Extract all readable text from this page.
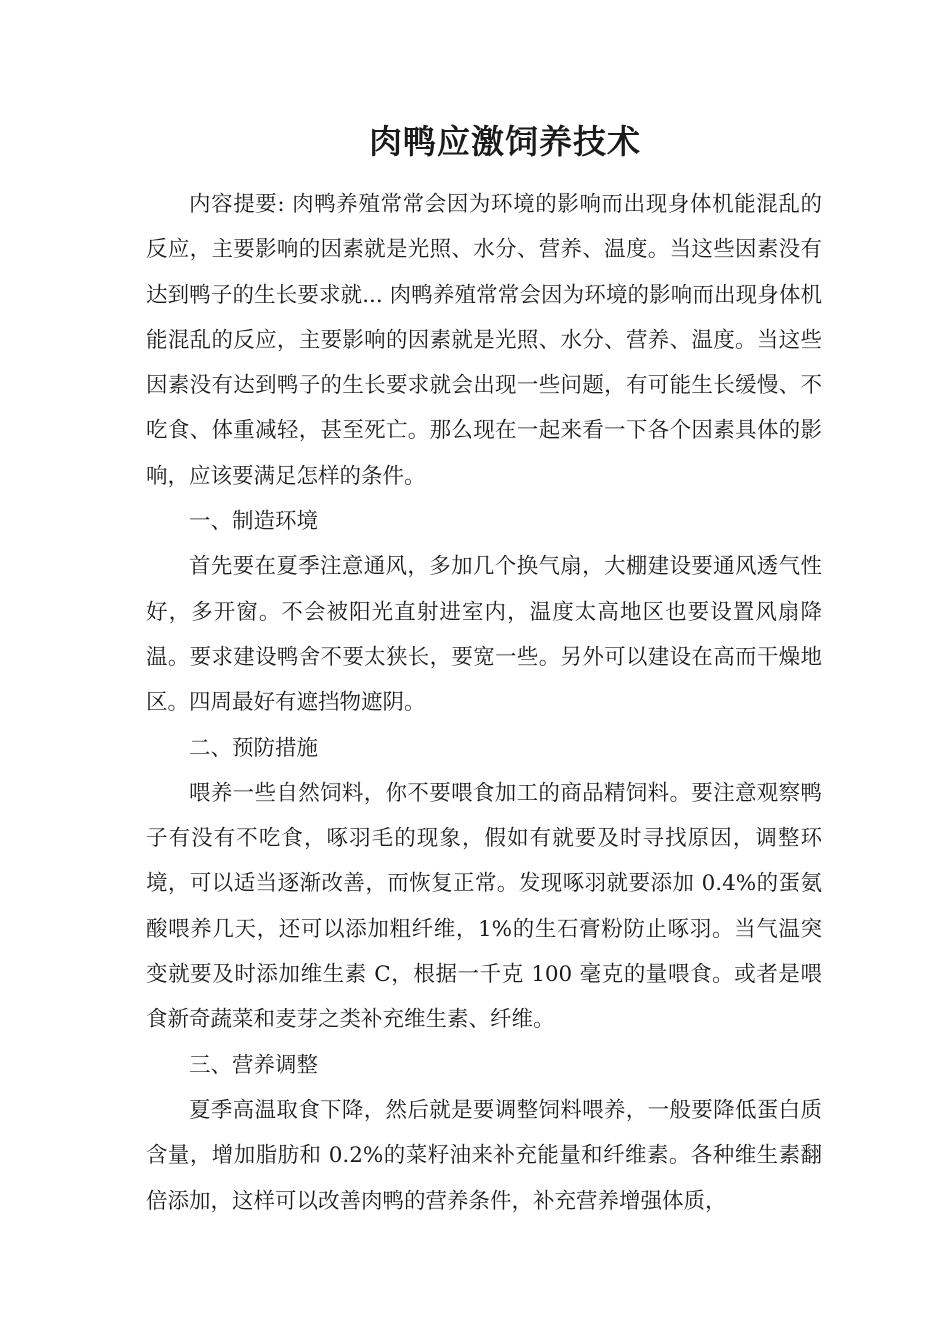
肉鸭应激饲养技术

内容提要: 肉鸭养殖常常会因为环境的影响而出现身体机能混乱的反应，主要影响的因素就是光照、水分、营养、温度。当这些因素没有达到鸭子的生长要求就... 肉鸭养殖常常会因为环境的影响而出现身体机能混乱的反应，主要影响的因素就是光照、水分、营养、温度。当这些因素没有达到鸭子的生长要求就会出现一些问题，有可能生长缓慢、不吃食、体重减轻，甚至死亡。那么现在一起来看一下各个因素具体的影响，应该要满足怎样的条件。

一、制造环境

首先要在夏季注意通风，多加几个换气扇，大棚建设要通风透气性好，多开窗。不会被阳光直射进室内，温度太高地区也要设置风扇降温。要求建设鸭舍不要太狭长，要宽一些。另外可以建设在高而干燥地区。四周最好有遮挡物遮阴。

二、预防措施

喂养一些自然饲料，你不要喂食加工的商品精饲料。要注意观察鸭子有没有不吃食，啄羽毛的现象，假如有就要及时寻找原因，调整环境，可以适当逐渐改善，而恢复正常。发现啄羽就要添加 0.4%的蛋氨酸喂养几天，还可以添加粗纤维，1%的生石膏粉防止啄羽。当气温突变就要及时添加维生素 C，根据一千克 100 毫克的量喂食。或者是喂食新奇蔬菜和麦芽之类补充维生素、纤维。

三、营养调整

夏季高温取食下降，然后就是要调整饲料喂养，一般要降低蛋白质含量，增加脂肪和 0.2%的菜籽油来补充能量和纤维素。各种维生素翻倍添加，这样可以改善肉鸭的营养条件，补充营养增强体质，
